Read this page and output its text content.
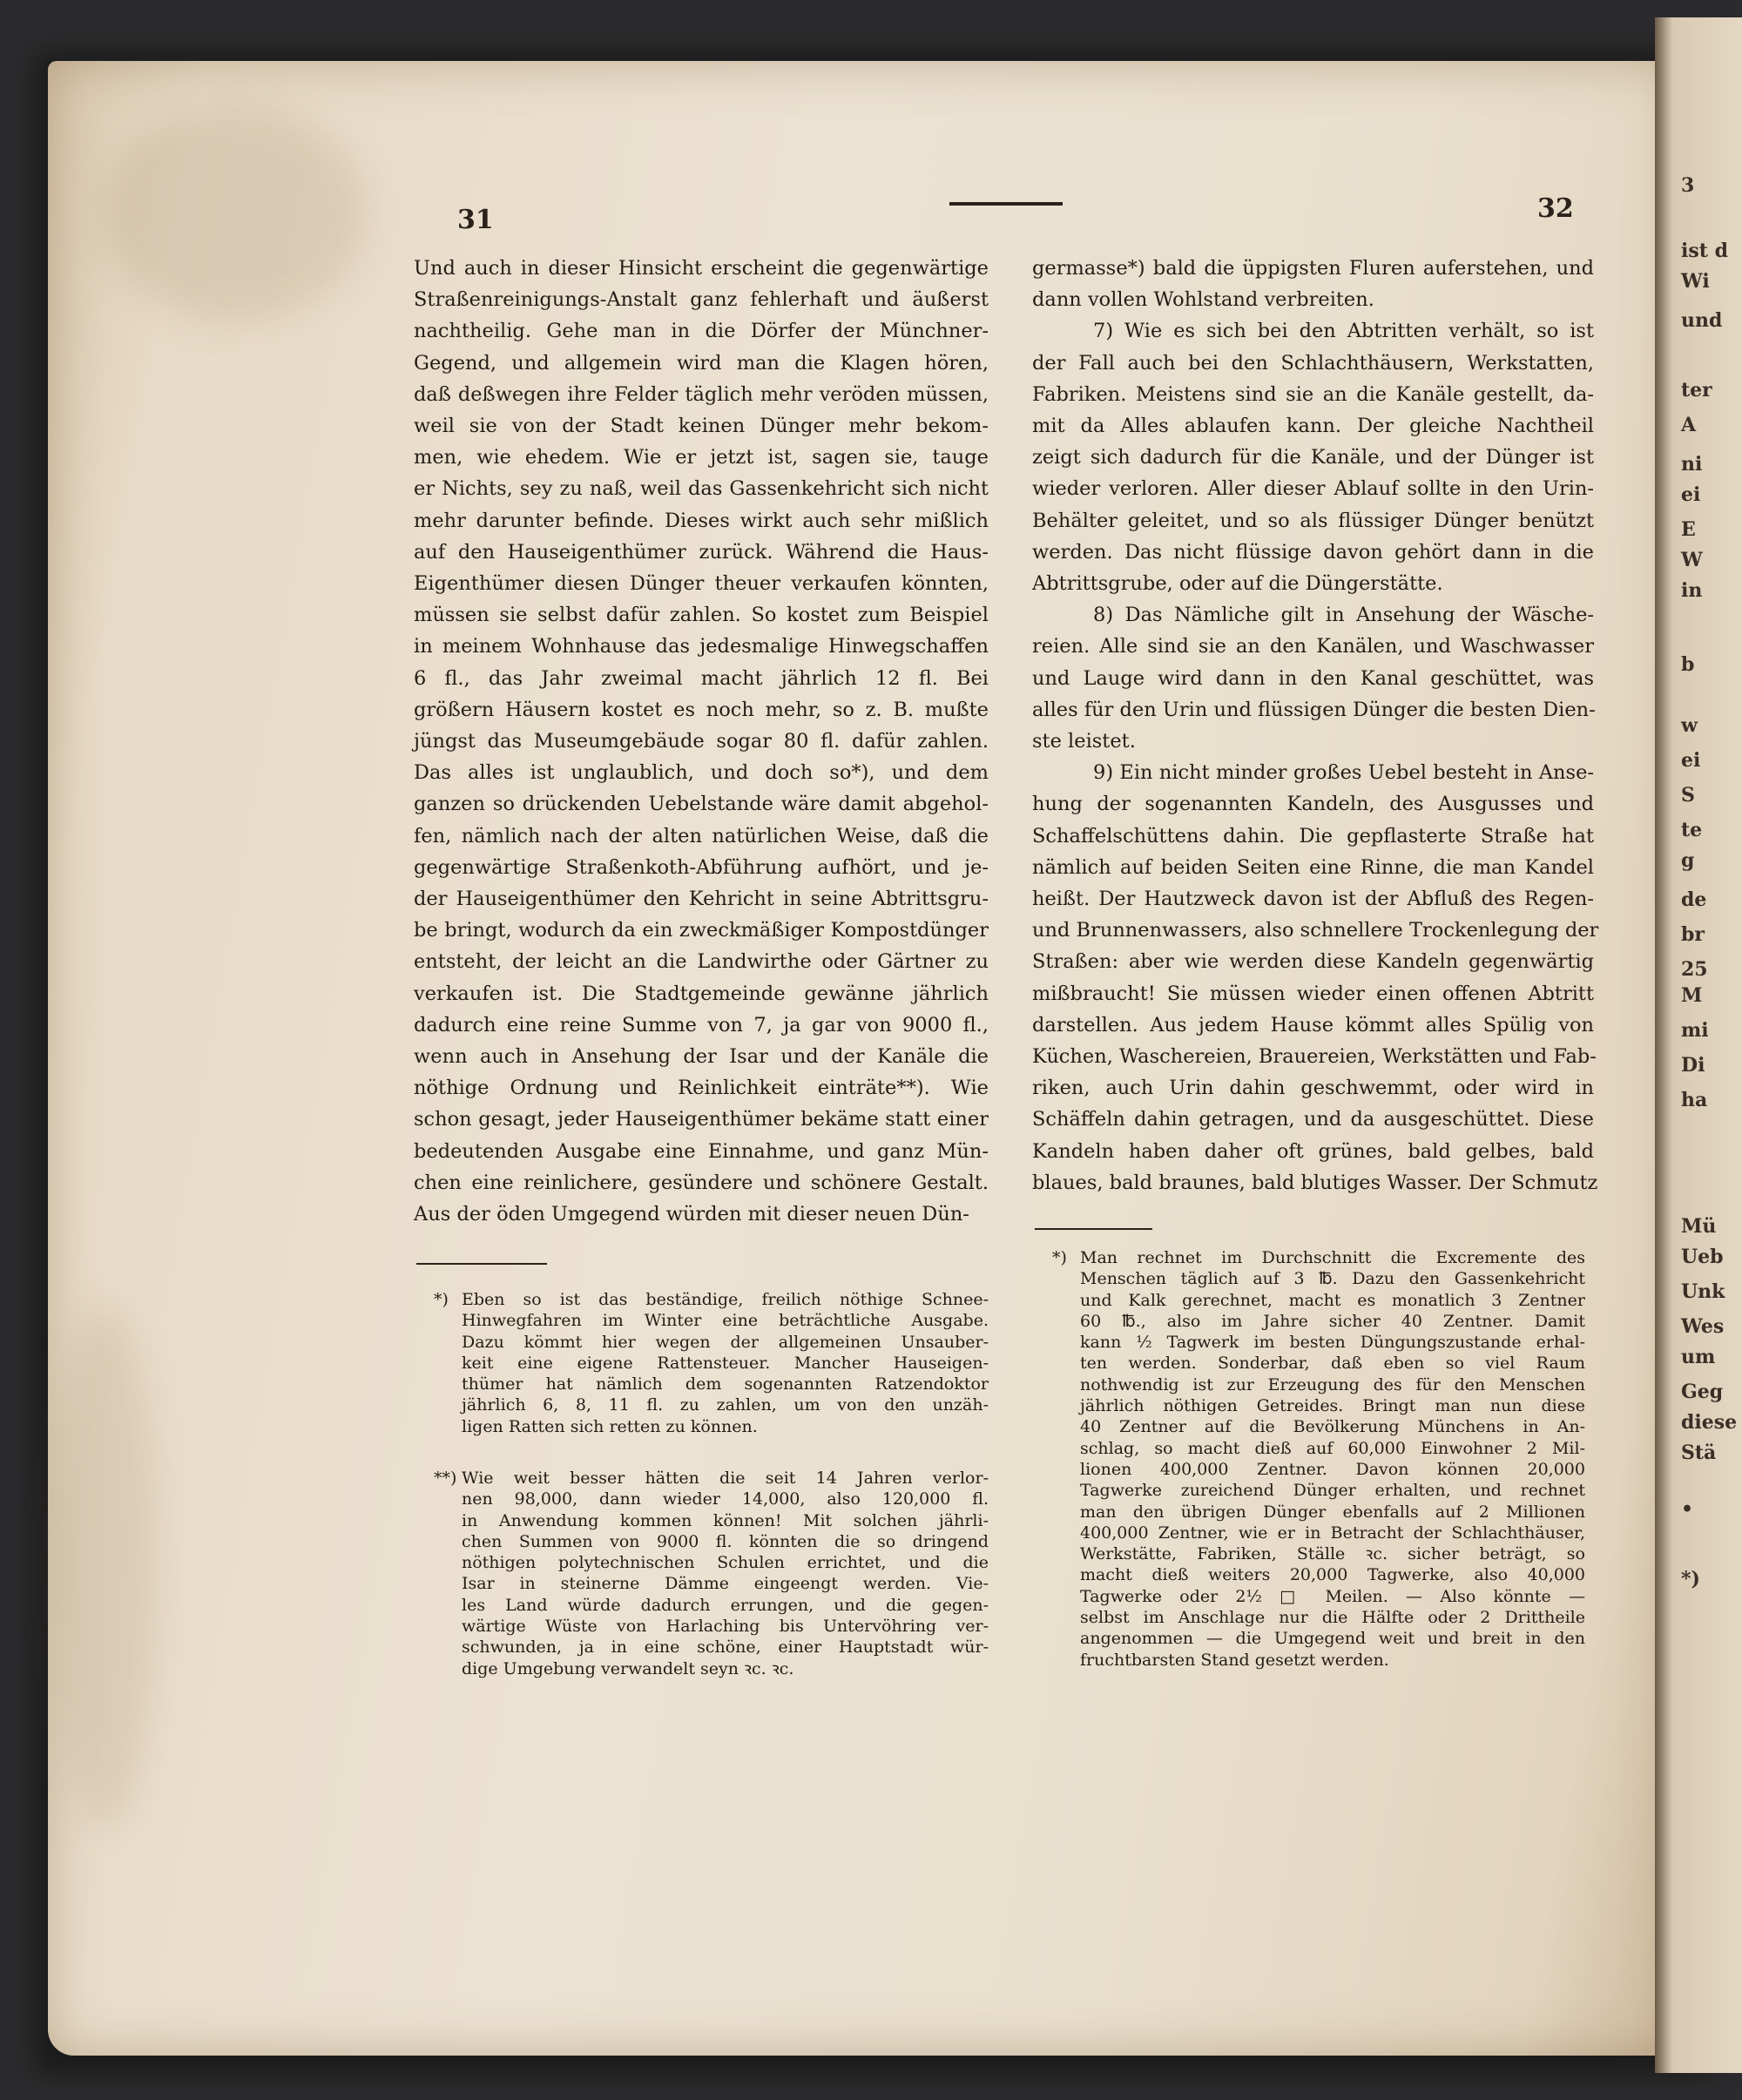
3
ist d
Wi
und
ter
A
ni
ei
E
W
in
b
w
ei
S
te
g
de
br
25
M
mi
Di
ha
Mü
Ueb
Unk
Wes
um
Geg
diese
Stä
•
*)
31	32
Und auch in dieser Hinsicht erscheint die gegenwärtige
Straßenreinigungs-Anstalt ganz fehlerhaft und äußerst
nachtheilig. Gehe man in die Dörfer der Münchner-
Gegend, und allgemein wird man die Klagen hören,
daß deßwegen ihre Felder täglich mehr veröden müssen,
weil sie von der Stadt keinen Dünger mehr bekom-
men, wie ehedem. Wie er jetzt ist, sagen sie, tauge
er Nichts, sey zu naß, weil das Gassenkehricht sich nicht
mehr darunter befinde. Dieses wirkt auch sehr mißlich
auf den Hauseigenthümer zurück. Während die Haus-
Eigenthümer diesen Dünger theuer verkaufen könnten,
müssen sie selbst dafür zahlen. So kostet zum Beispiel
in meinem Wohnhause das jedesmalige Hinwegschaffen
6 fl., das Jahr zweimal macht jährlich 12 fl. Bei
größern Häusern kostet es noch mehr, so z. B. mußte
jüngst das Museumgebäude sogar 80 fl. dafür zahlen.
Das alles ist unglaublich, und doch so*), und dem
ganzen so drückenden Uebelstande wäre damit abgehol-
fen, nämlich nach der alten natürlichen Weise, daß die
gegenwärtige Straßenkoth-Abführung aufhört, und je-
der Hauseigenthümer den Kehricht in seine Abtrittsgru-
be bringt, wodurch da ein zweckmäßiger Kompostdünger
entsteht, der leicht an die Landwirthe oder Gärtner zu
verkaufen ist. Die Stadtgemeinde gewänne jährlich
dadurch eine reine Summe von 7, ja gar von 9000 fl.,
wenn auch in Ansehung der Isar und der Kanäle die
nöthige Ordnung und Reinlichkeit einträte**). Wie
schon gesagt, jeder Hauseigenthümer bekäme statt einer
bedeutenden Ausgabe eine Einnahme, und ganz Mün-
chen eine reinlichere, gesündere und schönere Gestalt.
Aus der öden Umgegend würden mit dieser neuen Dün-
*) Eben so ist das beständige, freilich nöthige Schnee-
Hinwegfahren im Winter eine beträchtliche Ausgabe.
Dazu kömmt hier wegen der allgemeinen Unsauber-
keit eine eigene Rattensteuer. Mancher Hauseigen-
thümer hat nämlich dem sogenannten Ratzendoktor
jährlich 6, 8, 11 fl. zu zahlen, um von den unzäh-
ligen Ratten sich retten zu können.
**) Wie weit besser hätten die seit 14 Jahren verlor-
nen 98,000, dann wieder 14,000, also 120,000 fl.
in Anwendung kommen können! Mit solchen jährli-
chen Summen von 9000 fl. könnten die so dringend
nöthigen polytechnischen Schulen errichtet, und die
Isar in steinerne Dämme eingeengt werden. Vie-
les Land würde dadurch errungen, und die gegen-
wärtige Wüste von Harlaching bis Untervöhring ver-
schwunden, ja in eine schöne, einer Hauptstadt wür-
dige Umgebung verwandelt seyn ꝛc. ꝛc.
germasse*) bald die üppigsten Fluren auferstehen, und
dann vollen Wohlstand verbreiten.
7) Wie es sich bei den Abtritten verhält, so ist
der Fall auch bei den Schlachthäusern, Werkstatten,
Fabriken. Meistens sind sie an die Kanäle gestellt, da-
mit da Alles ablaufen kann. Der gleiche Nachtheil
zeigt sich dadurch für die Kanäle, und der Dünger ist
wieder verloren. Aller dieser Ablauf sollte in den Urin-
Behälter geleitet, und so als flüssiger Dünger benützt
werden. Das nicht flüssige davon gehört dann in die
Abtrittsgrube, oder auf die Düngerstätte.
8) Das Nämliche gilt in Ansehung der Wäsche-
reien. Alle sind sie an den Kanälen, und Waschwasser
und Lauge wird dann in den Kanal geschüttet, was
alles für den Urin und flüssigen Dünger die besten Dien-
ste leistet.
9) Ein nicht minder großes Uebel besteht in Anse-
hung der sogenannten Kandeln, des Ausgusses und
Schaffelschüttens dahin. Die gepflasterte Straße hat
nämlich auf beiden Seiten eine Rinne, die man Kandel
heißt. Der Hautzweck davon ist der Abfluß des Regen-
und Brunnenwassers, also schnellere Trockenlegung der
Straßen: aber wie werden diese Kandeln gegenwärtig
mißbraucht! Sie müssen wieder einen offenen Abtritt
darstellen. Aus jedem Hause kömmt alles Spülig von
Küchen, Waschereien, Brauereien, Werkstätten und Fab-
riken, auch Urin dahin geschwemmt, oder wird in
Schäffeln dahin getragen, und da ausgeschüttet. Diese
Kandeln haben daher oft grünes, bald gelbes, bald
blaues, bald braunes, bald blutiges Wasser. Der Schmutz
*) Man rechnet im Durchschnitt die Excremente des
Menschen täglich auf 3 ℔. Dazu den Gassenkehricht
und Kalk gerechnet, macht es monatlich 3 Zentner
60 ℔., also im Jahre sicher 40 Zentner. Damit
kann ½ Tagwerk im besten Düngungszustande erhal-
ten werden. Sonderbar, daß eben so viel Raum
nothwendig ist zur Erzeugung des für den Menschen
jährlich nöthigen Getreides. Bringt man nun diese
40 Zentner auf die Bevölkerung Münchens in An-
schlag, so macht dieß auf 60,000 Einwohner 2 Mil-
lionen 400,000 Zentner. Davon können 20,000
Tagwerke zureichend Dünger erhalten, und rechnet
man den übrigen Dünger ebenfalls auf 2 Millionen
400,000 Zentner, wie er in Betracht der Schlachthäuser,
Werkstätte, Fabriken, Ställe ꝛc. sicher beträgt, so
macht dieß weiters 20,000 Tagwerke, also 40,000
Tagwerke oder 2½ □ Meilen. — Also könnte —
selbst im Anschlage nur die Hälfte oder 2 Drittheile
angenommen — die Umgegend weit und breit in den
fruchtbarsten Stand gesetzt werden.
